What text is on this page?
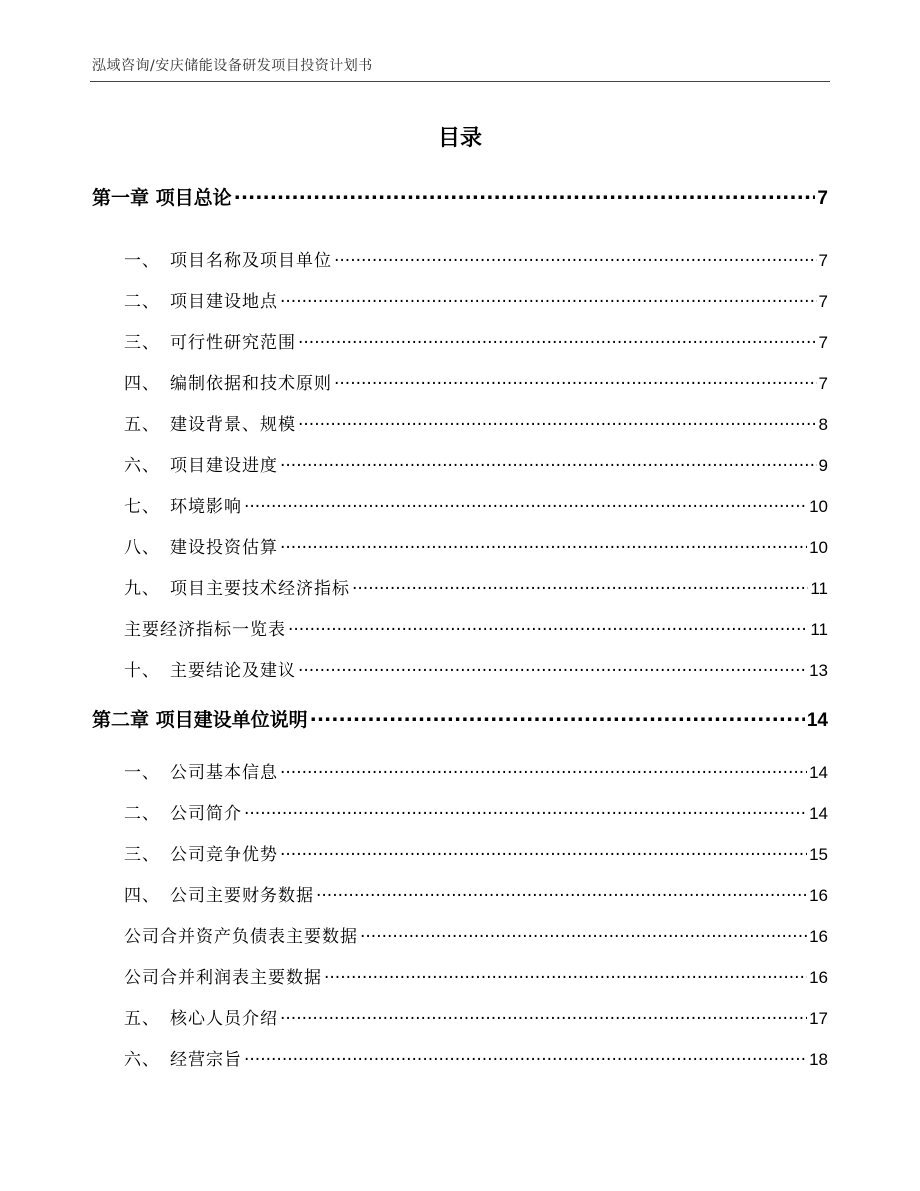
泓域咨询/安庆储能设备研发项目投资计划书
目录
第一章 项目总论 .....	7
一、 项目名称及项目单位 .....	7
二、 项目建设地点 .....	7
三、 可行性研究范围 .....	7
四、 编制依据和技术原则 .....	7
五、 建设背景、规模 .....	8
六、 项目建设进度 .....	9
七、 环境影响 .....	10
八、 建设投资估算 .....	10
九、 项目主要技术经济指标 .....	11
主要经济指标一览表 .....	11
十、 主要结论及建议 .....	13
第二章 项目建设单位说明 .....	14
一、 公司基本信息 .....	14
二、 公司简介 .....	14
三、 公司竞争优势 .....	15
四、 公司主要财务数据 .....	16
公司合并资产负债表主要数据 .....	16
公司合并利润表主要数据 .....	16
五、 核心人员介绍 .....	17
六、 经营宗旨 .....	18
